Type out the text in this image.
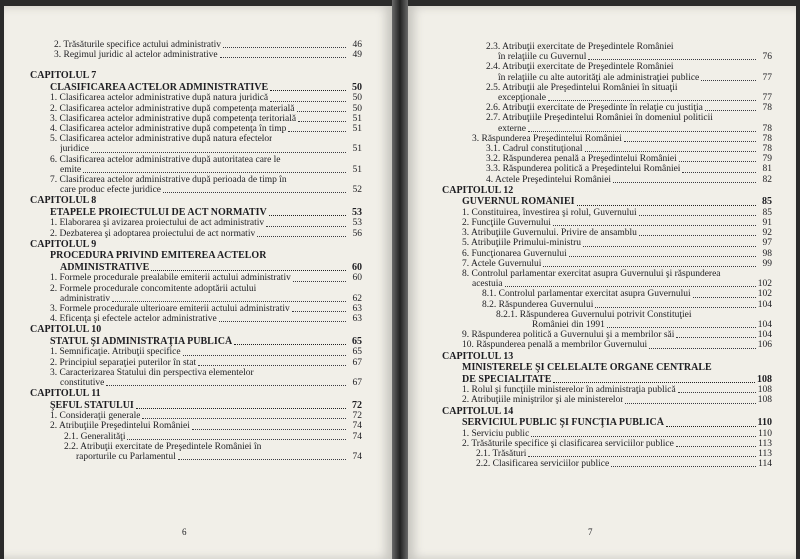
2. Trăsăturile specifice actului administrativ	46
3. Regimul juridic al actelor administrative	49
CAPITOLUL 7
CLASIFICAREA ACTELOR ADMINISTRATIVE	50
1. Clasificarea actelor administrative după natura juridică	50
2. Clasificarea actelor administrative după competenţa materială	50
3. Clasificarea actelor administrative după competenţa teritorială	51
4. Clasificarea actelor administrative după competenţa în timp	51
5. Clasificarea actelor administrative după natura efectelor
juridice	51
6. Clasificarea actelor administrative după autoritatea care le
emite	51
7. Clasificarea actelor administrative după perioada de timp în
care produc efecte juridice	52
CAPITOLUL 8
ETAPELE PROIECTULUI DE ACT NORMATIV	53
1. Elaborarea şi avizarea proiectului de act administrativ	53
2. Dezbaterea şi adoptarea proiectului de act normativ	56
CAPITOLUL 9
PROCEDURA PRIVIND EMITEREA ACTELOR
ADMINISTRATIVE	60
1. Formele procedurale prealabile emiterii actului administrativ	60
2. Formele procedurale concomitente adoptării actului
administrativ	62
3. Formele procedurale ulterioare emiterii actului administrativ	63
4. Eficenţa şi efectele actelor administrative	63
CAPITOLUL 10
STATUL ŞI ADMINISTRAŢIA PUBLICĂ	65
1. Semnificaţie. Atribuţii specifice	65
2. Principiul separaţiei puterilor în stat	67
3. Caracterizarea Statului din perspectiva elementelor
constitutive	67
CAPITOLUL 11
ŞEFUL STATULUI	72
1. Consideraţii generale	72
2. Atribuţiile Preşedintelui României	74
2.1. Generalităţi	74
2.2. Atribuţii exercitate de Preşedintele României în
raporturile cu Parlamentul	74
6
2.3. Atribuţii exercitate de Preşedintele României
în relaţiile cu Guvernul	76
2.4. Atribuţii exercitate de Preşedintele României
în relaţiile cu alte autorităţi ale administraţiei publice	77
2.5. Atribuţii ale Preşedintelui României în situaţii
excepţionale	77
2.6. Atribuţii exercitate de Preşedinte în relaţie cu justiţia	78
2.7. Atribuţiile Preşedintelui României în domeniul politicii
externe	78
3. Răspunderea Preşedintelui României	78
3.1. Cadrul constituţional	78
3.2. Răspunderea penală a Preşedintelui României	79
3.3. Răspunderea politică a Preşedintelui României	81
4. Actele Preşedintelui României	82
CAPITOLUL 12
GUVERNUL ROMÂNIEI	85
1. Constituirea, învestirea şi rolul, Guvernului	85
2. Funcţiile Guvernului	91
3. Atribuţiile Guvernului. Privire de ansamblu	92
5. Atribuţiile Primului-ministru	97
6. Funcţionarea Guvernului	98
7. Actele Guvernului	99
8. Controlul parlamentar exercitat asupra Guvernului şi răspunderea
acestuia	102
8.1. Controlul parlamentar exercitat asupra Guvernului	102
8.2. Răspunderea Guvernului	104
8.2.1. Răspunderea Guvernului potrivit Constituţiei
României din 1991	104
9. Răspunderea politică a Guvernului şi a membrilor săi	104
10. Răspunderea penală a membrilor Guvernului	106
CAPITOLUL 13
MINISTERELE ŞI CELELALTE ORGANE CENTRALE
DE SPECIALITATE	108
1. Rolul şi funcţiile ministerelor în administraţia publică	108
2. Atribuţiile miniştrilor şi ale ministerelor	108
CAPITOLUL 14
SERVICIUL PUBLIC ŞI FUNCŢIA PUBLICĂ	110
1. Serviciu public	110
2. Trăsăturile specifice şi clasificarea serviciilor publice	113
2.1. Trăsături	113
2.2. Clasificarea serviciilor publice	114
7
